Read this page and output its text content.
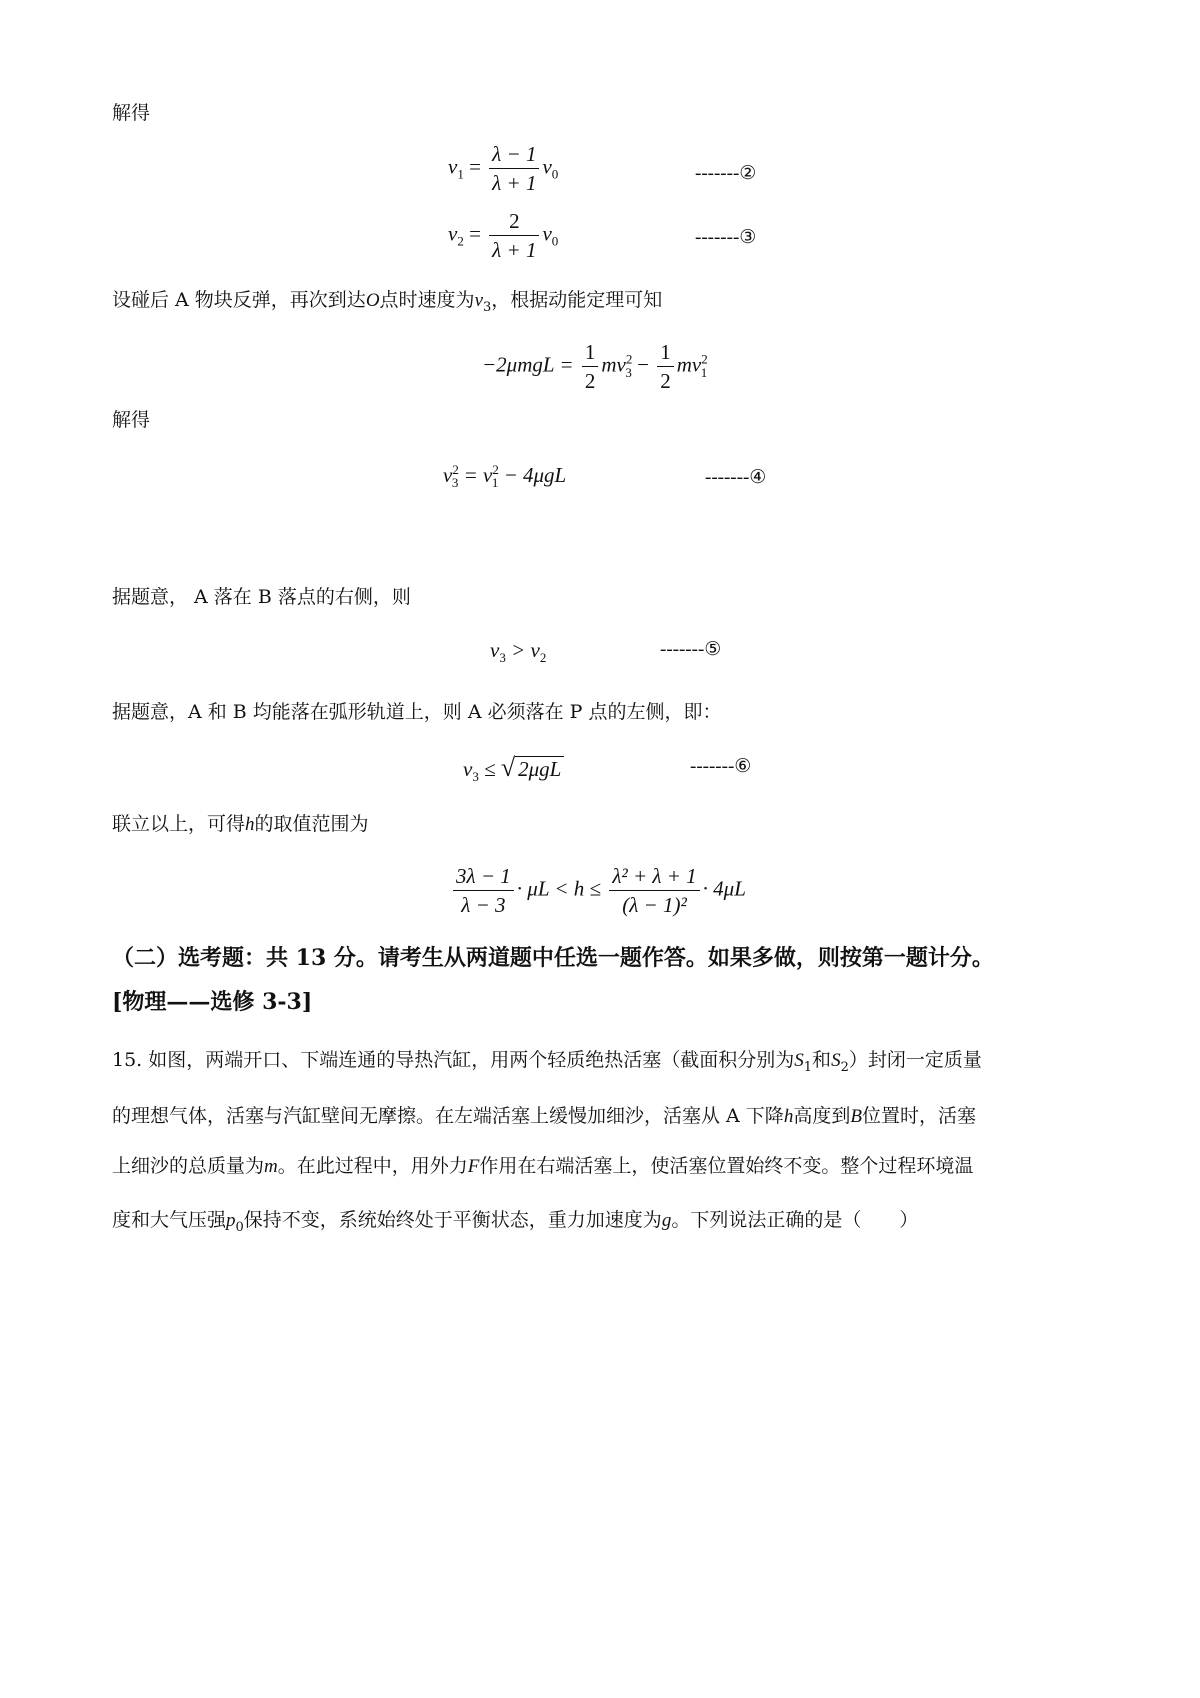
解得
$v_1 = \frac{\lambda - 1}{\lambda + 1} v_0$	-------②
$v_2 = \frac{2}{\lambda + 1} v_0$	-------③
设碰后 A 物块反弹，再次到达O点时速度为$v_3$，根据动能定理可知
$-2\mu mgL = \frac{1}{2} mv^2_3 - \frac{1}{2} mv^2_1$
解得
$v^2_3 = v^2_1 - 4\mu gL$	-------④
据题意， A 落在 B 落点的右侧，则
$v_3 > v_2$	-------⑤
据题意，A 和 B 均能落在弧形轨道上，则 A 必须落在 P 点的左侧，即：
$v_3$ ≤ √ 2μgL	-------⑥
联立以上，可得h的取值范围为
$\frac{3\lambda - 1}{\lambda - 3} \cdot \mu L < h \le \frac{\text{λ² + λ + 1}}{\text{(λ − 1)²}} \cdot 4\mu L$
（二）选考题：共 13 分。请考生从两道题中任选一题作答。如果多做，则按第一题计分。
[物理——选修 3-3]
15. 如图，两端开口、下端连通的导热汽缸，用两个轻质绝热活塞（截面积分别为$S_1$和$S_2$）封闭一定质量
的理想气体，活塞与汽缸壁间无摩擦。在左端活塞上缓慢加细沙，活塞从 A 下降h高度到B位置时，活塞
上细沙的总质量为m。在此过程中，用外力F作用在右端活塞上，使活塞位置始终不变。整个过程环境温
度和大气压强$p_0$保持不变，系统始终处于平衡状态，重力加速度为g。下列说法正确的是（　　）
